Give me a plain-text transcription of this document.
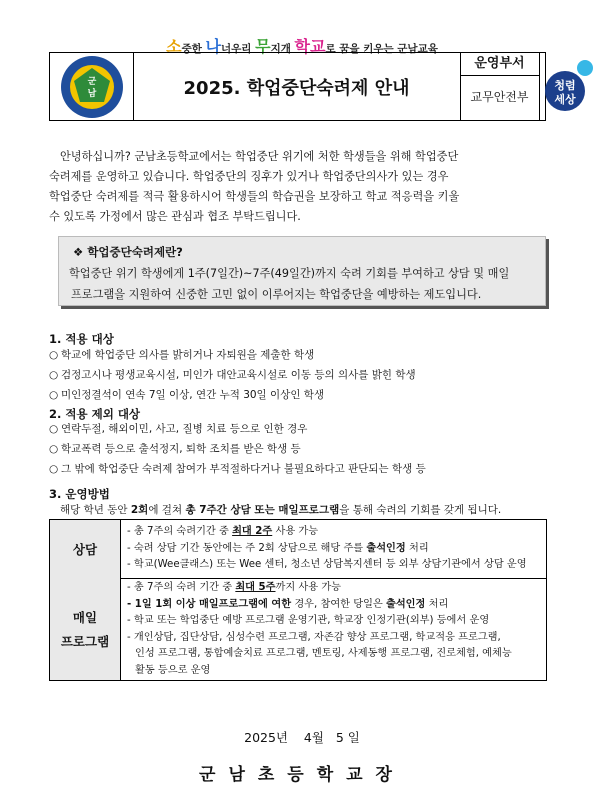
소중한 나너우리 무지개 학교로 꿈을 키우는 군남교육
군
남	2025. 학업중단숙려제 안내
운영부서
교무안전부
청렴
세상
안녕하십니까? 군남초등학교에서는 학업중단 위기에 처한 학생들을 위해 학업중단
숙려제를 운영하고 있습니다. 학업중단의 징후가 있거나 학업중단의사가 있는 경우
학업중단 숙려제를 적극 활용하시어 학생들의 학습권을 보장하고 학교 적응력을 키울
수 있도록 가정에서 많은 관심과 협조 부탁드립니다.
❖ 학업중단숙려제란?
학업중단 위기 학생에게 1주(7일간)~7주(49일간)까지 숙려 기회를 부여하고 상담 및 매일
프로그램을 지원하여 신중한 고민 없이 이루어지는 학업중단을 예방하는 제도입니다.
1. 적용 대상
○ 학교에 학업중단 의사를 밝히거나 자퇴원을 제출한 학생
○ 검정고시나 평생교육시설, 미인가 대안교육시설로 이동 등의 의사를 밝힌 학생
○ 미인정결석이 연속 7일 이상, 연간 누적 30일 이상인 학생
2. 적용 제외 대상
○ 연락두절, 해외이민, 사고, 질병 치료 등으로 인한 경우
○ 학교폭력 등으로 출석정지, 퇴학 조치를 받은 학생 등
○ 그 밖에 학업중단 숙려제 참여가 부적절하다거나 불필요하다고 판단되는 학생 등
3. 운영방법
해당 학년 동안 2회에 걸쳐 총 7주간 상담 또는 매일프로그램을 통해 숙려의 기회를 갖게 됩니다.
상담
- 총 7주의 숙려기간 중 최대 2주 사용 가능
- 숙려 상담 기간 동안에는 주 2회 상담으로 해당 주를 출석인정 처리
- 학교(Wee클래스) 또는 Wee 센터, 청소년 상담복지센터 등 외부 상담기관에서 상담 운영
매일
프로그램
- 총 7주의 숙려 기간 중 최대 5주까지 사용 가능
- 1일 1회 이상 매일프로그램에 여한 경우, 참여한 당일은 출석인정 처리
- 학교 또는 학업중단 예방 프로그램 운영기관, 학교장 인정기관(외부) 등에서 운영
- 개인상담, 집단상담, 심성수련 프로그램, 자존감 향상 프로그램, 학교적응 프로그램,
인성 프로그램, 통합예술치료 프로그램, 멘토링, 사제동행 프로그램, 진로체험, 예체능
활동 등으로 운영
2025년    4월   5 일
군남초등학교장
